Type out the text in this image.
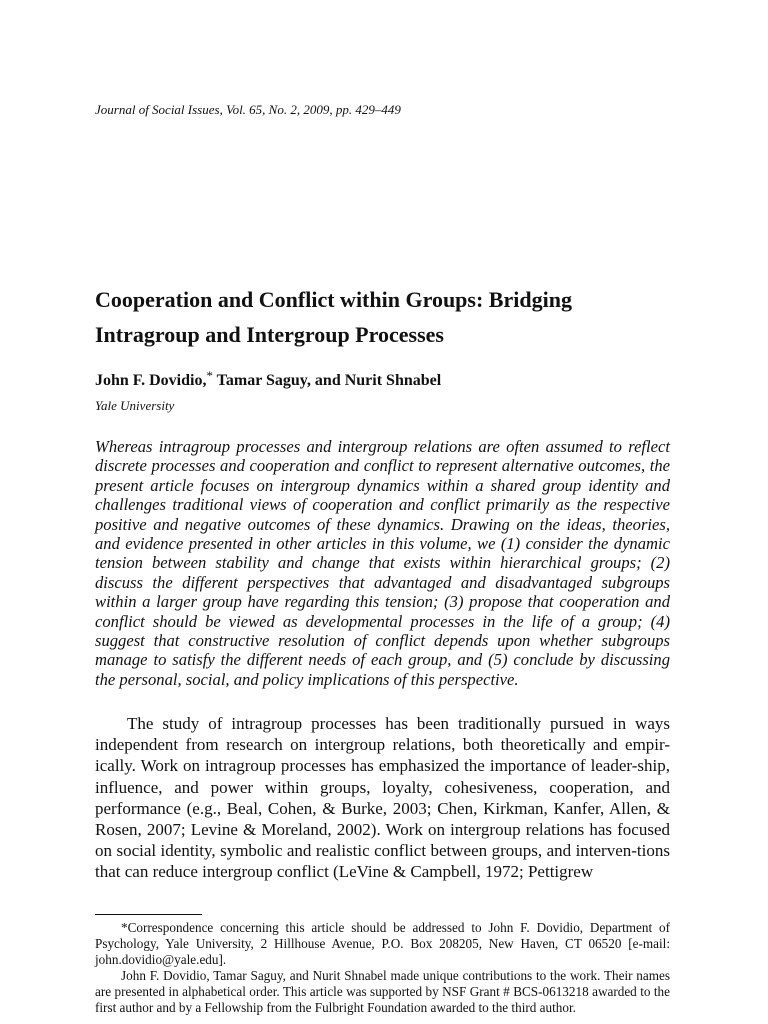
Journal of Social Issues, Vol. 65, No. 2, 2009, pp. 429–449
Cooperation and Conflict within Groups: Bridging Intragroup and Intergroup Processes
John F. Dovidio,* Tamar Saguy, and Nurit Shnabel
Yale University

Whereas intragroup processes and intergroup relations are often assumed to reflect discrete processes and cooperation and conflict to represent alternative outcomes, the present article focuses on intergroup dynamics within a shared group identity and challenges traditional views of cooperation and conflict primarily as the respective positive and negative outcomes of these dynamics. Drawing on the ideas, theories, and evidence presented in other articles in this volume, we (1) consider the dynamic tension between stability and change that exists within hierarchical groups; (2) discuss the different perspectives that advantaged and disadvantaged subgroups within a larger group have regarding this tension; (3) propose that cooperation and conflict should be viewed as developmental processes in the life of a group; (4) suggest that constructive resolution of conflict depends upon whether subgroups manage to satisfy the different needs of each group, and (5) conclude by discussing the personal, social, and policy implications of this perspective.

The study of intragroup processes has been traditionally pursued in ways independent from research on intergroup relations, both theoretically and empir-ically. Work on intragroup processes has emphasized the importance of leader-ship, influence, and power within groups, loyalty, cohesiveness, cooperation, and performance (e.g., Beal, Cohen, & Burke, 2003; Chen, Kirkman, Kanfer, Allen, & Rosen, 2007; Levine & Moreland, 2002). Work on intergroup relations has focused on social identity, symbolic and realistic conflict between groups, and interven-tions that can reduce intergroup conflict (LeVine & Campbell, 1972; Pettigrew

*Correspondence concerning this article should be addressed to John F. Dovidio, Department of Psychology, Yale University, 2 Hillhouse Avenue, P.O. Box 208205, New Haven, CT 06520 [e-mail: john.dovidio@yale.edu].

John F. Dovidio, Tamar Saguy, and Nurit Shnabel made unique contributions to the work. Their names are presented in alphabetical order. This article was supported by NSF Grant # BCS-0613218 awarded to the first author and by a Fellowship from the Fulbright Foundation awarded to the third author.
